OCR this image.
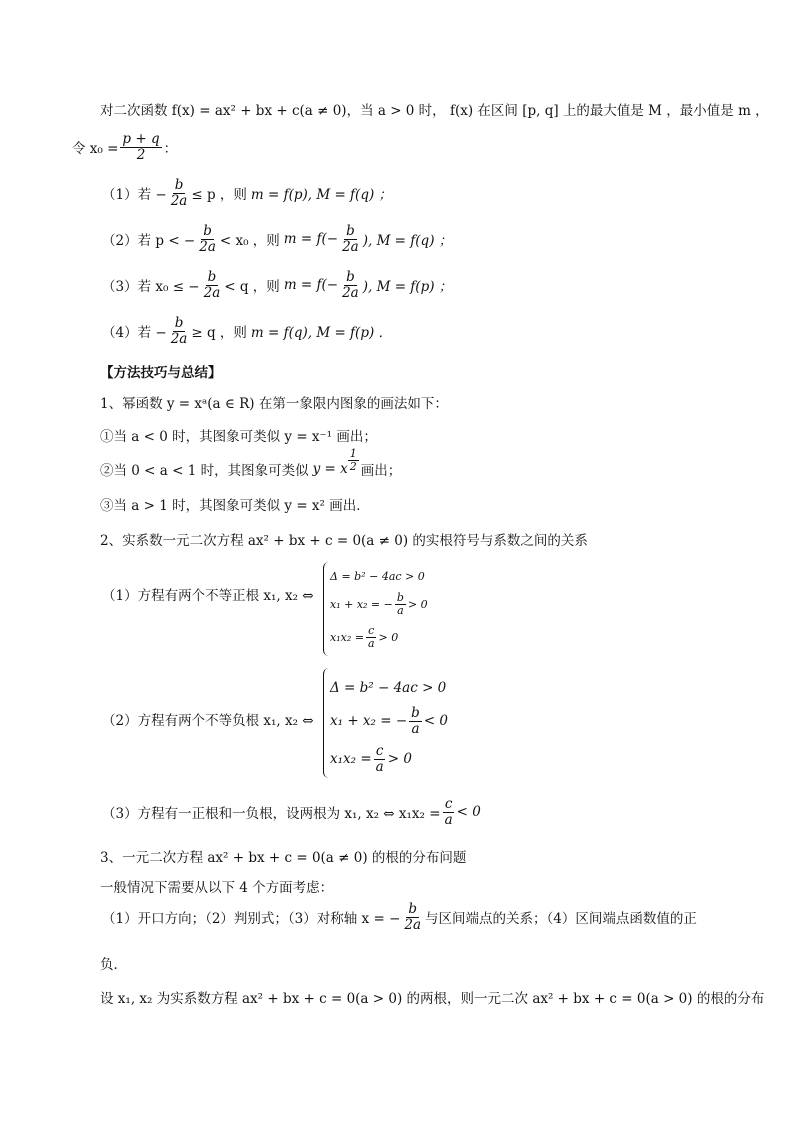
对二次函数 f(x) = ax² + bx + c(a ≠ 0)，当 a > 0 时， f(x) 在区间 [p, q] 上的最大值是 M ，最小值是 m ，
令 $x_0 = \frac{p + q}{2}$ ：
（1）若 − $\frac{b}{2a} \le p$ ，则 m = f(p), M = f(q) ；
（2）若 p < − $\frac{b}{2a} < x_0$ ，则 $m = f(- \frac{b}{2a}$ ), M = f(q) ；
（3）若 x₀ ≤ − $\frac{b}{2a} < q$ ，则 $m = f(- \frac{b}{2a}$ ), M = f(p) ；
（4）若 − $\frac{b}{2a} \ge q$ ，则 m = f(q), M = f(p) ．
【方法技巧与总结】
1、幂函数 y = xᵃ(a ∈ R) 在第一象限内图象的画法如下：
①当 a < 0 时，其图象可类似 y = x⁻¹ 画出；
②当 0 < a < 1 时，其图象可类似 y = x $\frac{1}{2}$ 画出；
③当 a > 1 时，其图象可类似 y = x² 画出．
2、实系数一元二次方程 ax² + bx + c = 0(a ≠ 0) 的实根符号与系数之间的关系
（1）方程有两个不等正根 x₁, x₂ ⇔
Δ = b² − 4ac > 0
x₁ + x₂ = − $\frac{b}{a} > 0$
$x_1x_2 = \frac{c}{a} > 0$
（2）方程有两个不等负根 x₁, x₂ ⇔
Δ = b² − 4ac > 0
x₁ + x₂ = − $\frac{b}{a} < 0$
$x_1x_2 = \frac{c}{a} > 0$
（3）方程有一正根和一负根，设两根为 x₁, x₂ ⇔ $x_1x_2 = \frac{c}{a} < 0$
3、一元二次方程 ax² + bx + c = 0(a ≠ 0) 的根的分布问题
一般情况下需要从以下 4 个方面考虑：
（1）开口方向；（2）判别式；（3）对称轴 x = − $\frac{b}{2a}$ 与区间端点的关系；（4）区间端点函数值的正
负．
设 x₁, x₂ 为实系数方程 ax² + bx + c = 0(a > 0) 的两根，则一元二次 ax² + bx + c = 0(a > 0) 的根的分布
